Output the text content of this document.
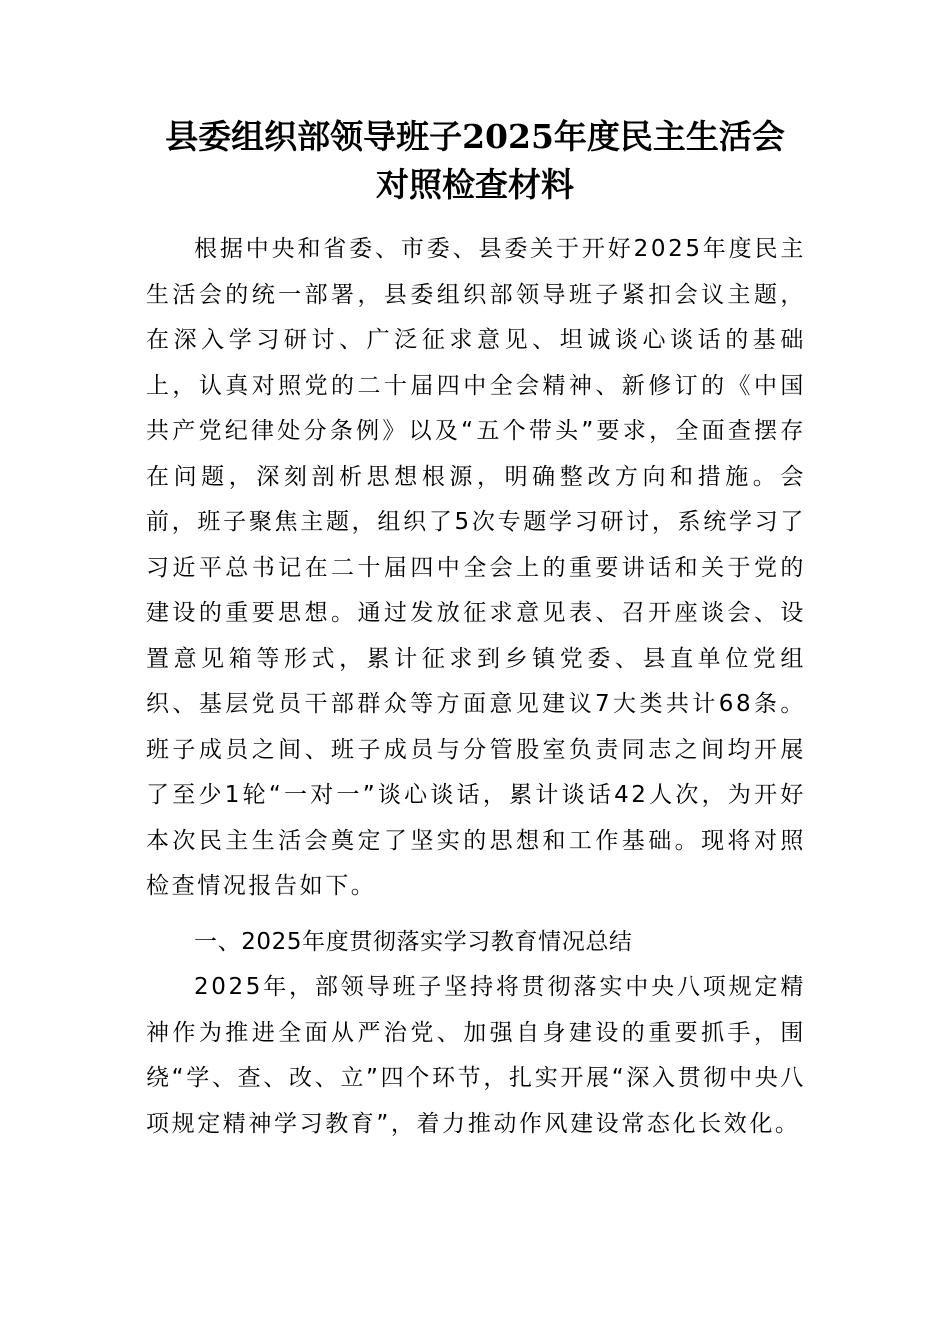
县委组织部领导班子2025年度民主生活会
对照检查材料

根据中央和省委、市委、县委关于开好2025年度民主生活会的统一部署，县委组织部领导班子紧扣会议主题，在深入学习研讨、广泛征求意见、坦诚谈心谈话的基础上，认真对照党的二十届四中全会精神、新修订的《中国共产党纪律处分条例》以及“五个带头”要求，全面查摆存在问题，深刻剖析思想根源，明确整改方向和措施。会前，班子聚焦主题，组织了5次专题学习研讨，系统学习了习近平总书记在二十届四中全会上的重要讲话和关于党的建设的重要思想。通过发放征求意见表、召开座谈会、设置意见箱等形式，累计征求到乡镇党委、县直单位党组织、基层党员干部群众等方面意见建议7大类共计68条。班子成员之间、班子成员与分管股室负责同志之间均开展了至少1轮“一对一”谈心谈话，累计谈话42人次，为开好本次民主生活会奠定了坚实的思想和工作基础。现将对照检查情况报告如下。

一、2025年度贯彻落实学习教育情况总结

2025年，部领导班子坚持将贯彻落实中央八项规定精神作为推进全面从严治党、加强自身建设的重要抓手，围绕“学、查、改、立”四个环节，扎实开展“深入贯彻中央八项规定精神学习教育”，着力推动作风建设常态化长效化。
